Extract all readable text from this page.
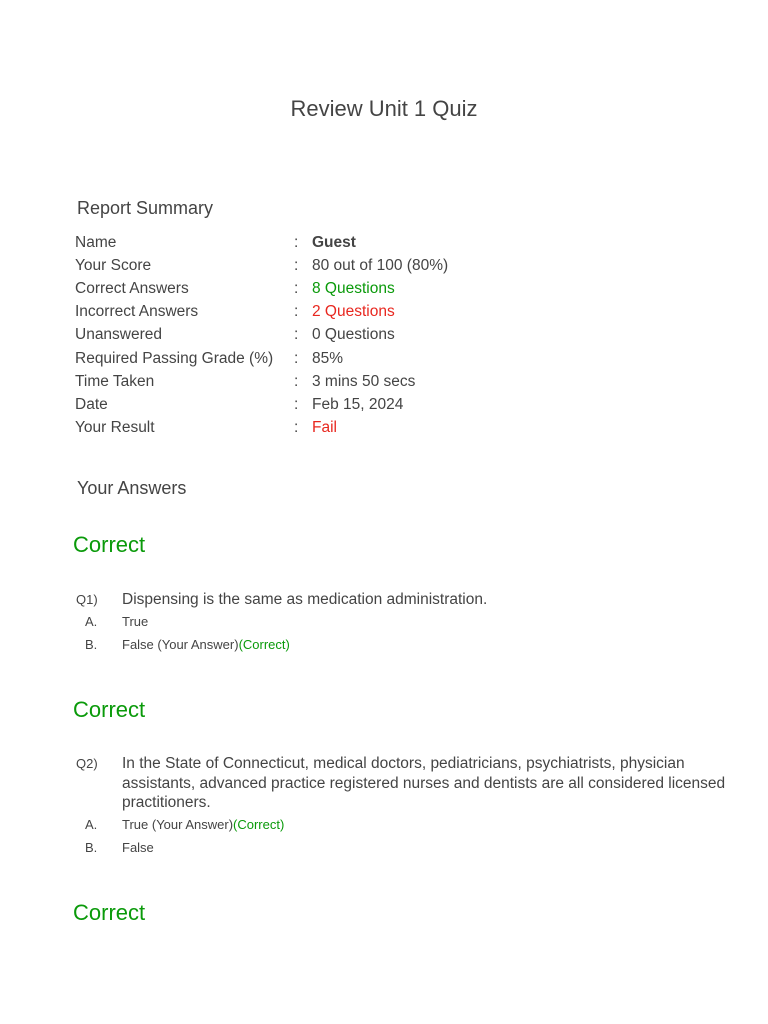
Review Unit 1 Quiz
Report Summary
Name	:	Guest
Your Score	:	80 out of 100 (80%)
Correct Answers	:	8 Questions
Incorrect Answers	:	2 Questions
Unanswered	:	0 Questions
Required Passing Grade (%)	:	85%
Time Taken	:	3 mins 50 secs
Date	:	Feb 15, 2024
Your Result	:	Fail
Your Answers
Correct
Q1)	Dispensing is the same as medication administration.
A.	True
B.	False (Your Answer) (Correct)
Correct
Q2)	In the State of Connecticut, medical doctors, pediatricians, psychiatrists, physician assistants, advanced practice registered nurses and dentists are all considered licensed practitioners.
A.	True (Your Answer) (Correct)
B.	False
Correct
